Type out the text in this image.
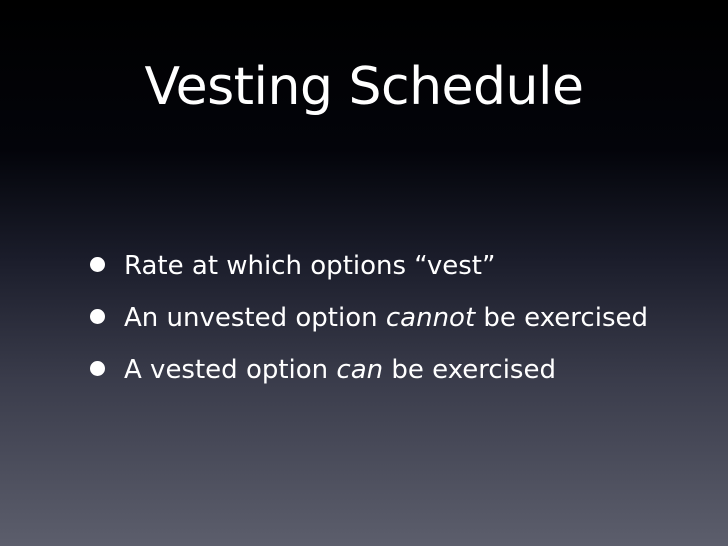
Vesting Schedule
Rate at which options “vest”
An unvested option cannot be exercised
A vested option can be exercised
